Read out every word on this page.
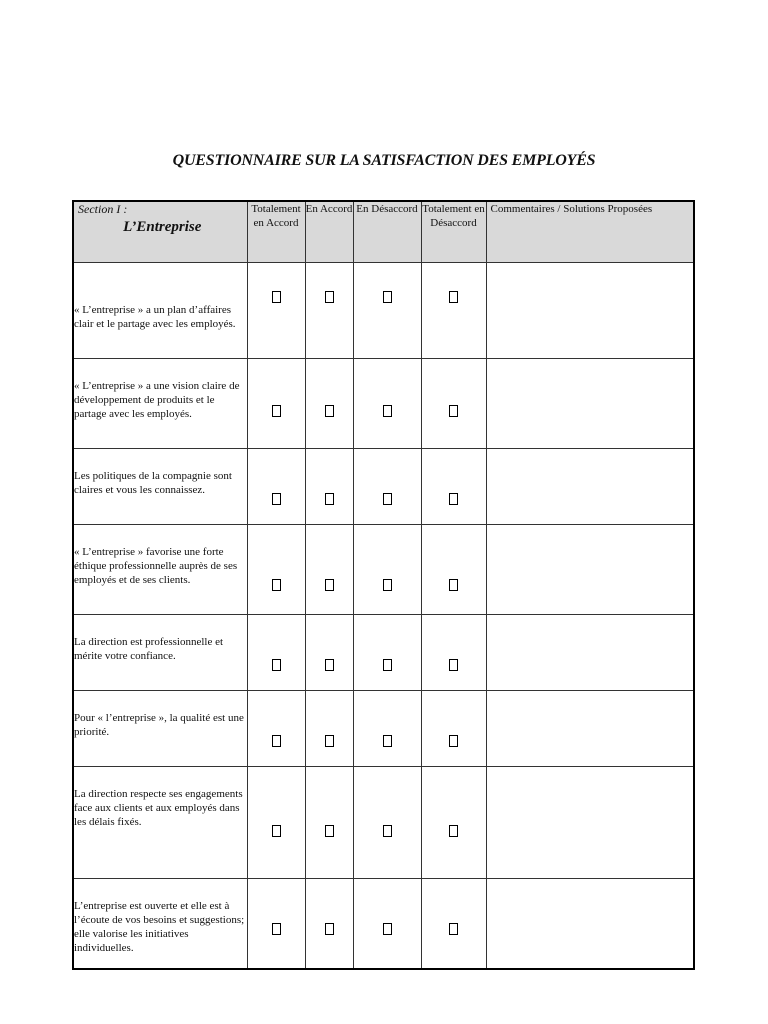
QUESTIONNAIRE SUR LA SATISFACTION DES EMPLOYÉS
Section I :
L’Entreprise	Totalement en Accord	En Accord	En Désaccord	Totalement en Désaccord	Commentaires / Solutions Proposées

« L’entreprise » a un plan d’affaires clair et le partage avec les employés.					

« L’entreprise » a une vision claire de développement de produits et le partage avec les employés.					

Les politiques de la compagnie sont claires et vous les connaissez.					

« L’entreprise » favorise une forte éthique professionnelle auprès de ses employés et de ses clients.					

La direction est professionnelle et mérite votre confiance.					

Pour « l’entreprise », la qualité est une priorité.					

La direction respecte ses engagements face aux clients et aux employés dans les délais fixés.					

L’entreprise est ouverte et elle est à l’écoute de vos besoins et suggestions; elle valorise les initiatives individuelles.					
